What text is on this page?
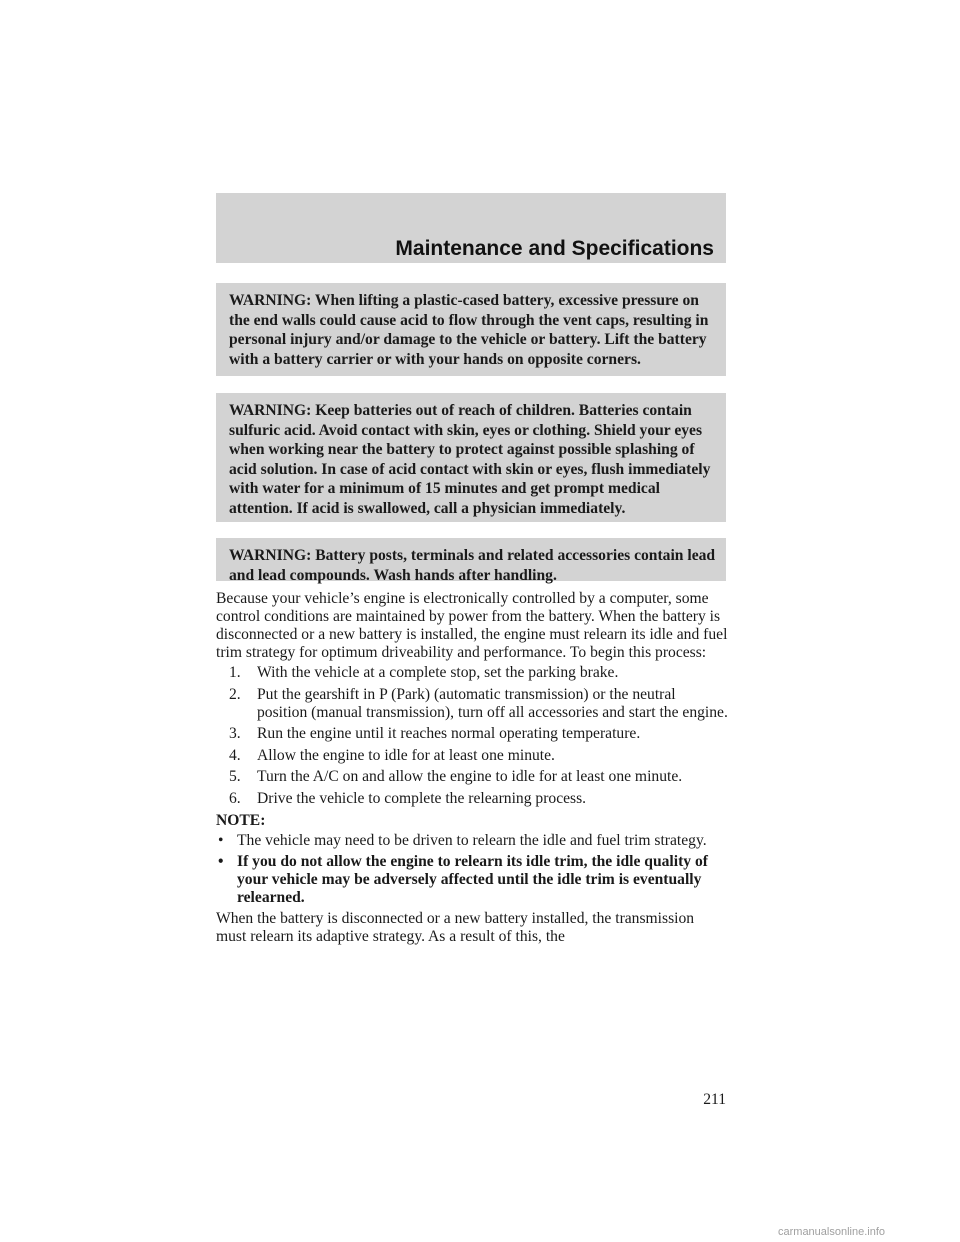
Maintenance and Specifications

WARNING: When lifting a plastic-cased battery, excessive pressure on the end walls could cause acid to flow through the vent caps, resulting in personal injury and/or damage to the vehicle or battery. Lift the battery with a battery carrier or with your hands on opposite corners.

WARNING: Keep batteries out of reach of children. Batteries contain sulfuric acid. Avoid contact with skin, eyes or clothing. Shield your eyes when working near the battery to protect against possible splashing of acid solution. In case of acid contact with skin or eyes, flush immediately with water for a minimum of 15 minutes and get prompt medical attention. If acid is swallowed, call a physician immediately.

WARNING: Battery posts, terminals and related accessories contain lead and lead compounds. Wash hands after handling.

Because your vehicle’s engine is electronically controlled by a computer, some control conditions are maintained by power from the battery. When the battery is disconnected or a new battery is installed, the engine must relearn its idle and fuel trim strategy for optimum driveability and performance. To begin this process:

1. With the vehicle at a complete stop, set the parking brake.
2. Put the gearshift in P (Park) (automatic transmission) or the neutral position (manual transmission), turn off all accessories and start the engine.
3. Run the engine until it reaches normal operating temperature.
4. Allow the engine to idle for at least one minute.
5. Turn the A/C on and allow the engine to idle for at least one minute.
6. Drive the vehicle to complete the relearning process.

NOTE:

• The vehicle may need to be driven to relearn the idle and fuel trim strategy.
• If you do not allow the engine to relearn its idle trim, the idle quality of your vehicle may be adversely affected until the idle trim is eventually relearned.

When the battery is disconnected or a new battery installed, the transmission must relearn its adaptive strategy. As a result of this, the

211
carmanualsonline.info
